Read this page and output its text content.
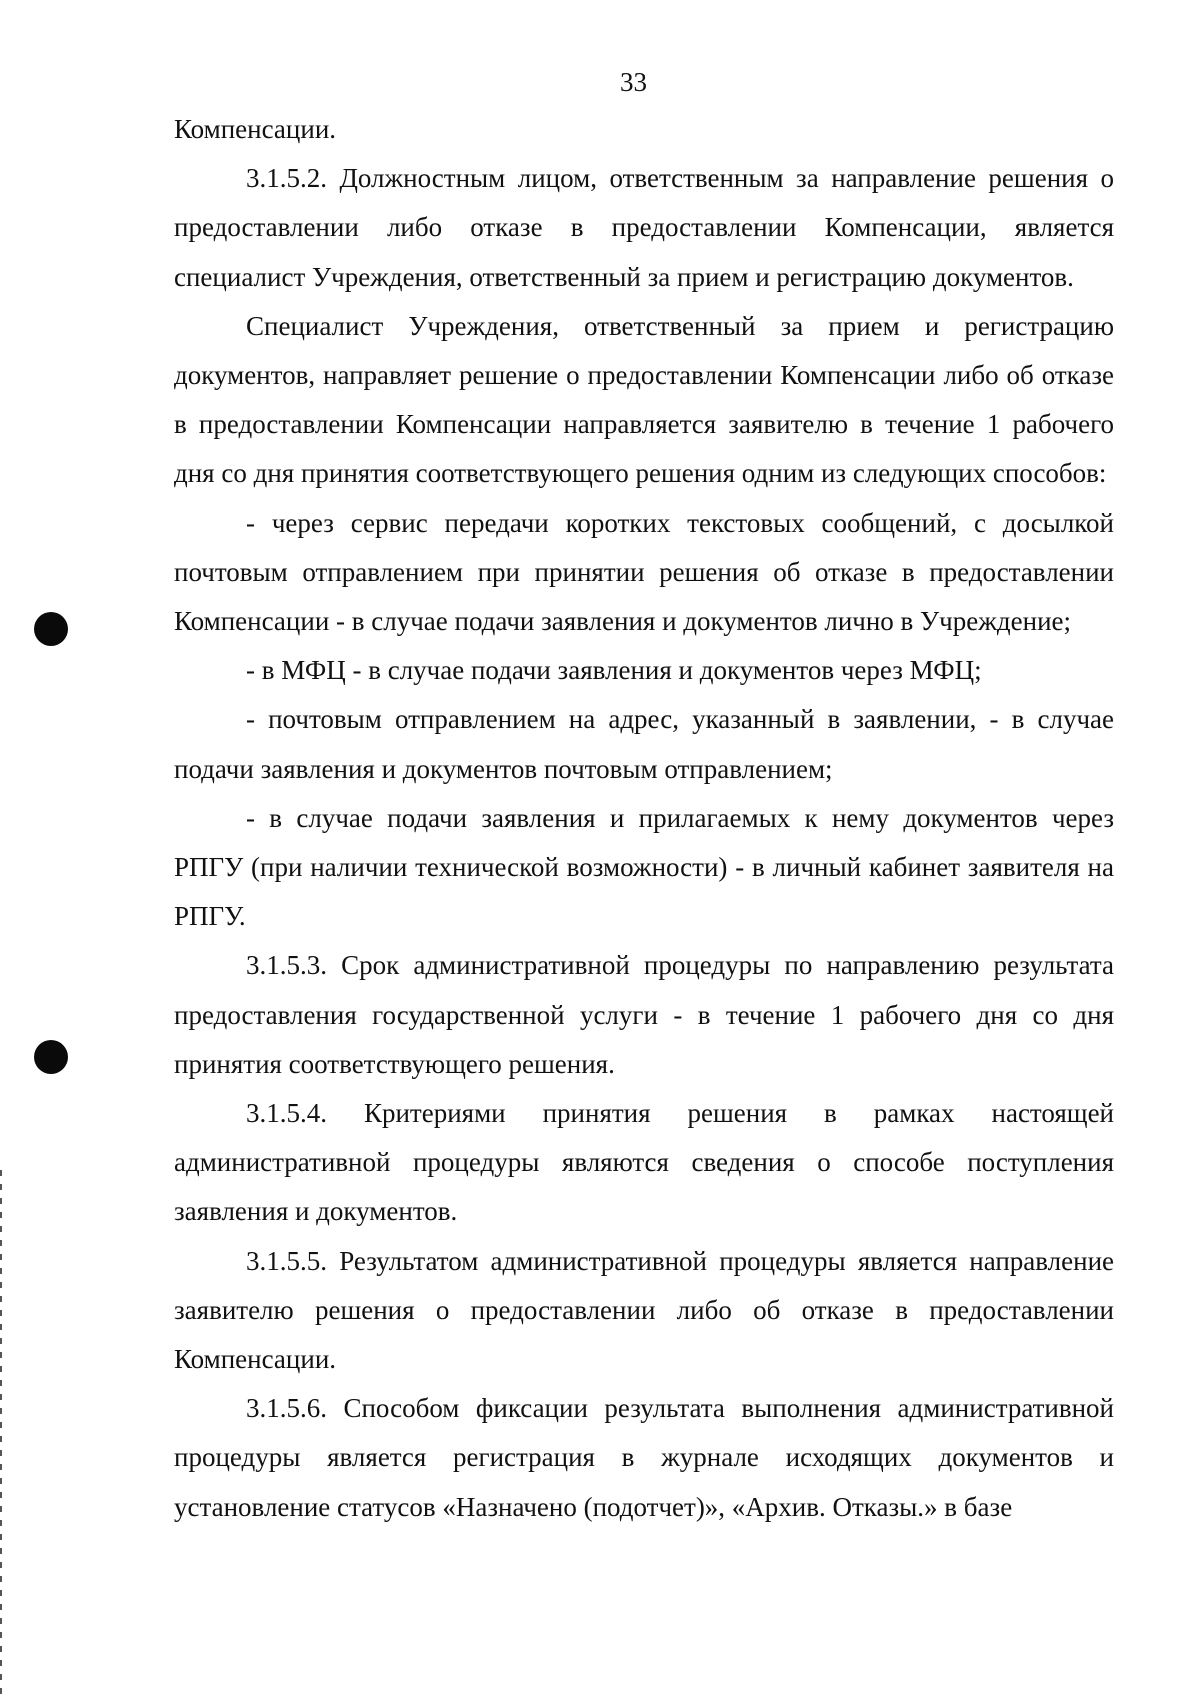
33

Компенсации.

3.1.5.2. Должностным лицом, ответственным за направление решения о предоставлении либо отказе в предоставлении Компенсации, является специалист Учреждения, ответственный за прием и регистрацию документов.

Специалист Учреждения, ответственный за прием и регистрацию документов, направляет решение о предоставлении Компенсации либо об отказе в предоставлении Компенсации направляется заявителю в течение 1 рабочего дня со дня принятия соответствующего решения одним из следующих способов:

- через сервис передачи коротких текстовых сообщений, с досылкой почтовым отправлением при принятии решения об отказе в предоставлении Компенсации - в случае подачи заявления и документов лично в Учреждение;

- в МФЦ - в случае подачи заявления и документов через МФЦ;

- почтовым отправлением на адрес, указанный в заявлении, - в случае подачи заявления и документов почтовым отправлением;

- в случае подачи заявления и прилагаемых к нему документов через РПГУ (при наличии технической возможности) - в личный кабинет заявителя на РПГУ.

3.1.5.3. Срок административной процедуры по направлению результата предоставления государственной услуги - в течение 1 рабочего дня со дня принятия соответствующего решения.

3.1.5.4. Критериями принятия решения в рамках настоящей административной процедуры являются сведения о способе поступления заявления и документов.

3.1.5.5. Результатом административной процедуры является направление заявителю решения о предоставлении либо об отказе в предоставлении Компенсации.

3.1.5.6. Способом фиксации результата выполнения административной процедуры является регистрация в журнале исходящих документов и установление статусов «Назначено (подотчет)», «Архив. Отказы.» в базе
